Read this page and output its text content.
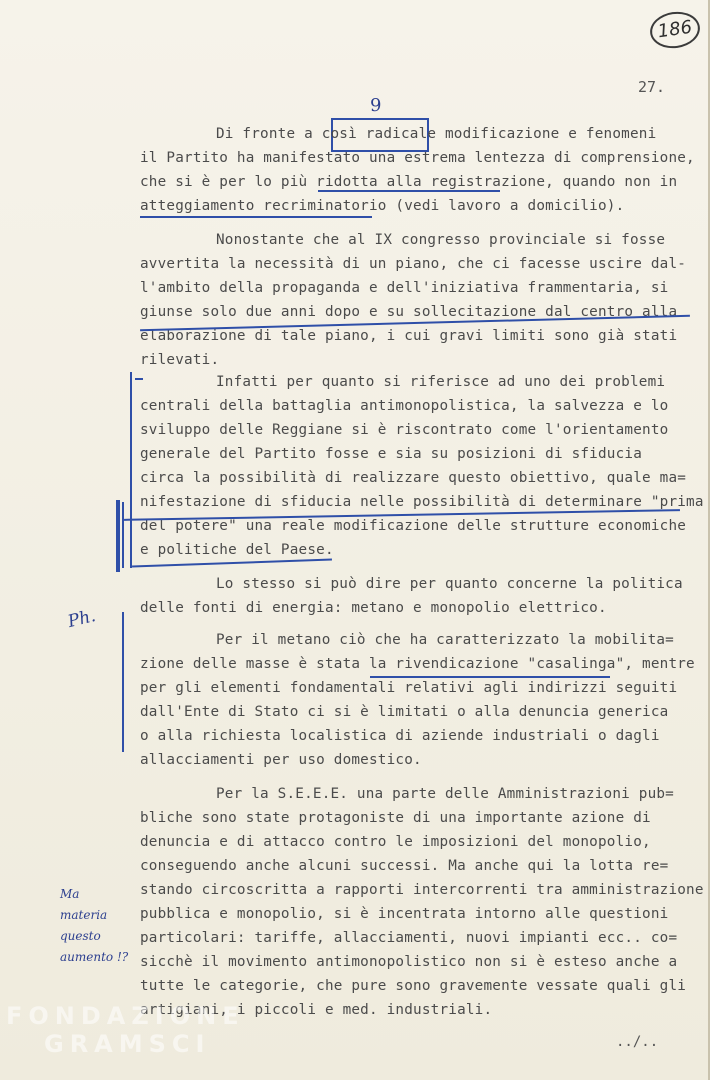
186
27.
9
Di fronte a così radicale modificazione e fenomeni
il Partito ha manifestato una estrema lentezza di comprensione,
che si è per lo più ridotta alla registrazione, quando non in
atteggiamento recriminatorio (vedi lavoro a domicilio).
Nonostante che al IX congresso provinciale si fosse
avvertita la necessità di un piano, che ci facesse uscire dal-
l'ambito della propaganda e dell'iniziativa frammentaria, si
giunse solo due anni dopo e su sollecitazione dal centro alla
elaborazione di tale piano, i cui gravi limiti sono già stati
rilevati.
Infatti per quanto si riferisce ad uno dei problemi
centrali della battaglia antimonopolistica, la salvezza e lo
sviluppo delle Reggiane si è riscontrato come l'orientamento
generale del Partito fosse e sia su posizioni di sfiducia
circa la possibilità di realizzare questo obiettivo, quale ma=
nifestazione di sfiducia nelle possibilità di determinare "prima
del potere" una reale modificazione delle strutture economiche
e politiche del Paese.
Lo stesso si può dire per quanto concerne la politica
delle fonti di energia: metano e monopolio elettrico.
Per il metano ciò che ha caratterizzato la mobilita=
zione delle masse è stata la rivendicazione "casalinga", mentre
per gli elementi fondamentali relativi agli indirizzi seguiti
dall'Ente di Stato ci si è limitati o alla denuncia generica
o alla richiesta localistica di aziende industriali o dagli
allacciamenti per uso domestico.
Per la S.E.E.E. una parte delle Amministrazioni pub=
bliche sono state protagoniste di una importante azione di
denuncia e di attacco contro le imposizioni del monopolio,
conseguendo anche alcuni successi. Ma anche qui la lotta re=
stando circoscritta a rapporti intercorrenti tra amministrazione
pubblica e monopolio, si è incentrata intorno alle questioni
particolari: tariffe, allacciamenti, nuovi impianti ecc.. co=
sicchè il movimento antimonopolistico non si è esteso anche a
tutte le categorie, che pure sono gravemente vessate quali gli
artigiani, i piccoli e med. industriali.
Ph.
Ma
materia
questo
aumento !?
FONDAZIONE
GRAMSCI	../..
